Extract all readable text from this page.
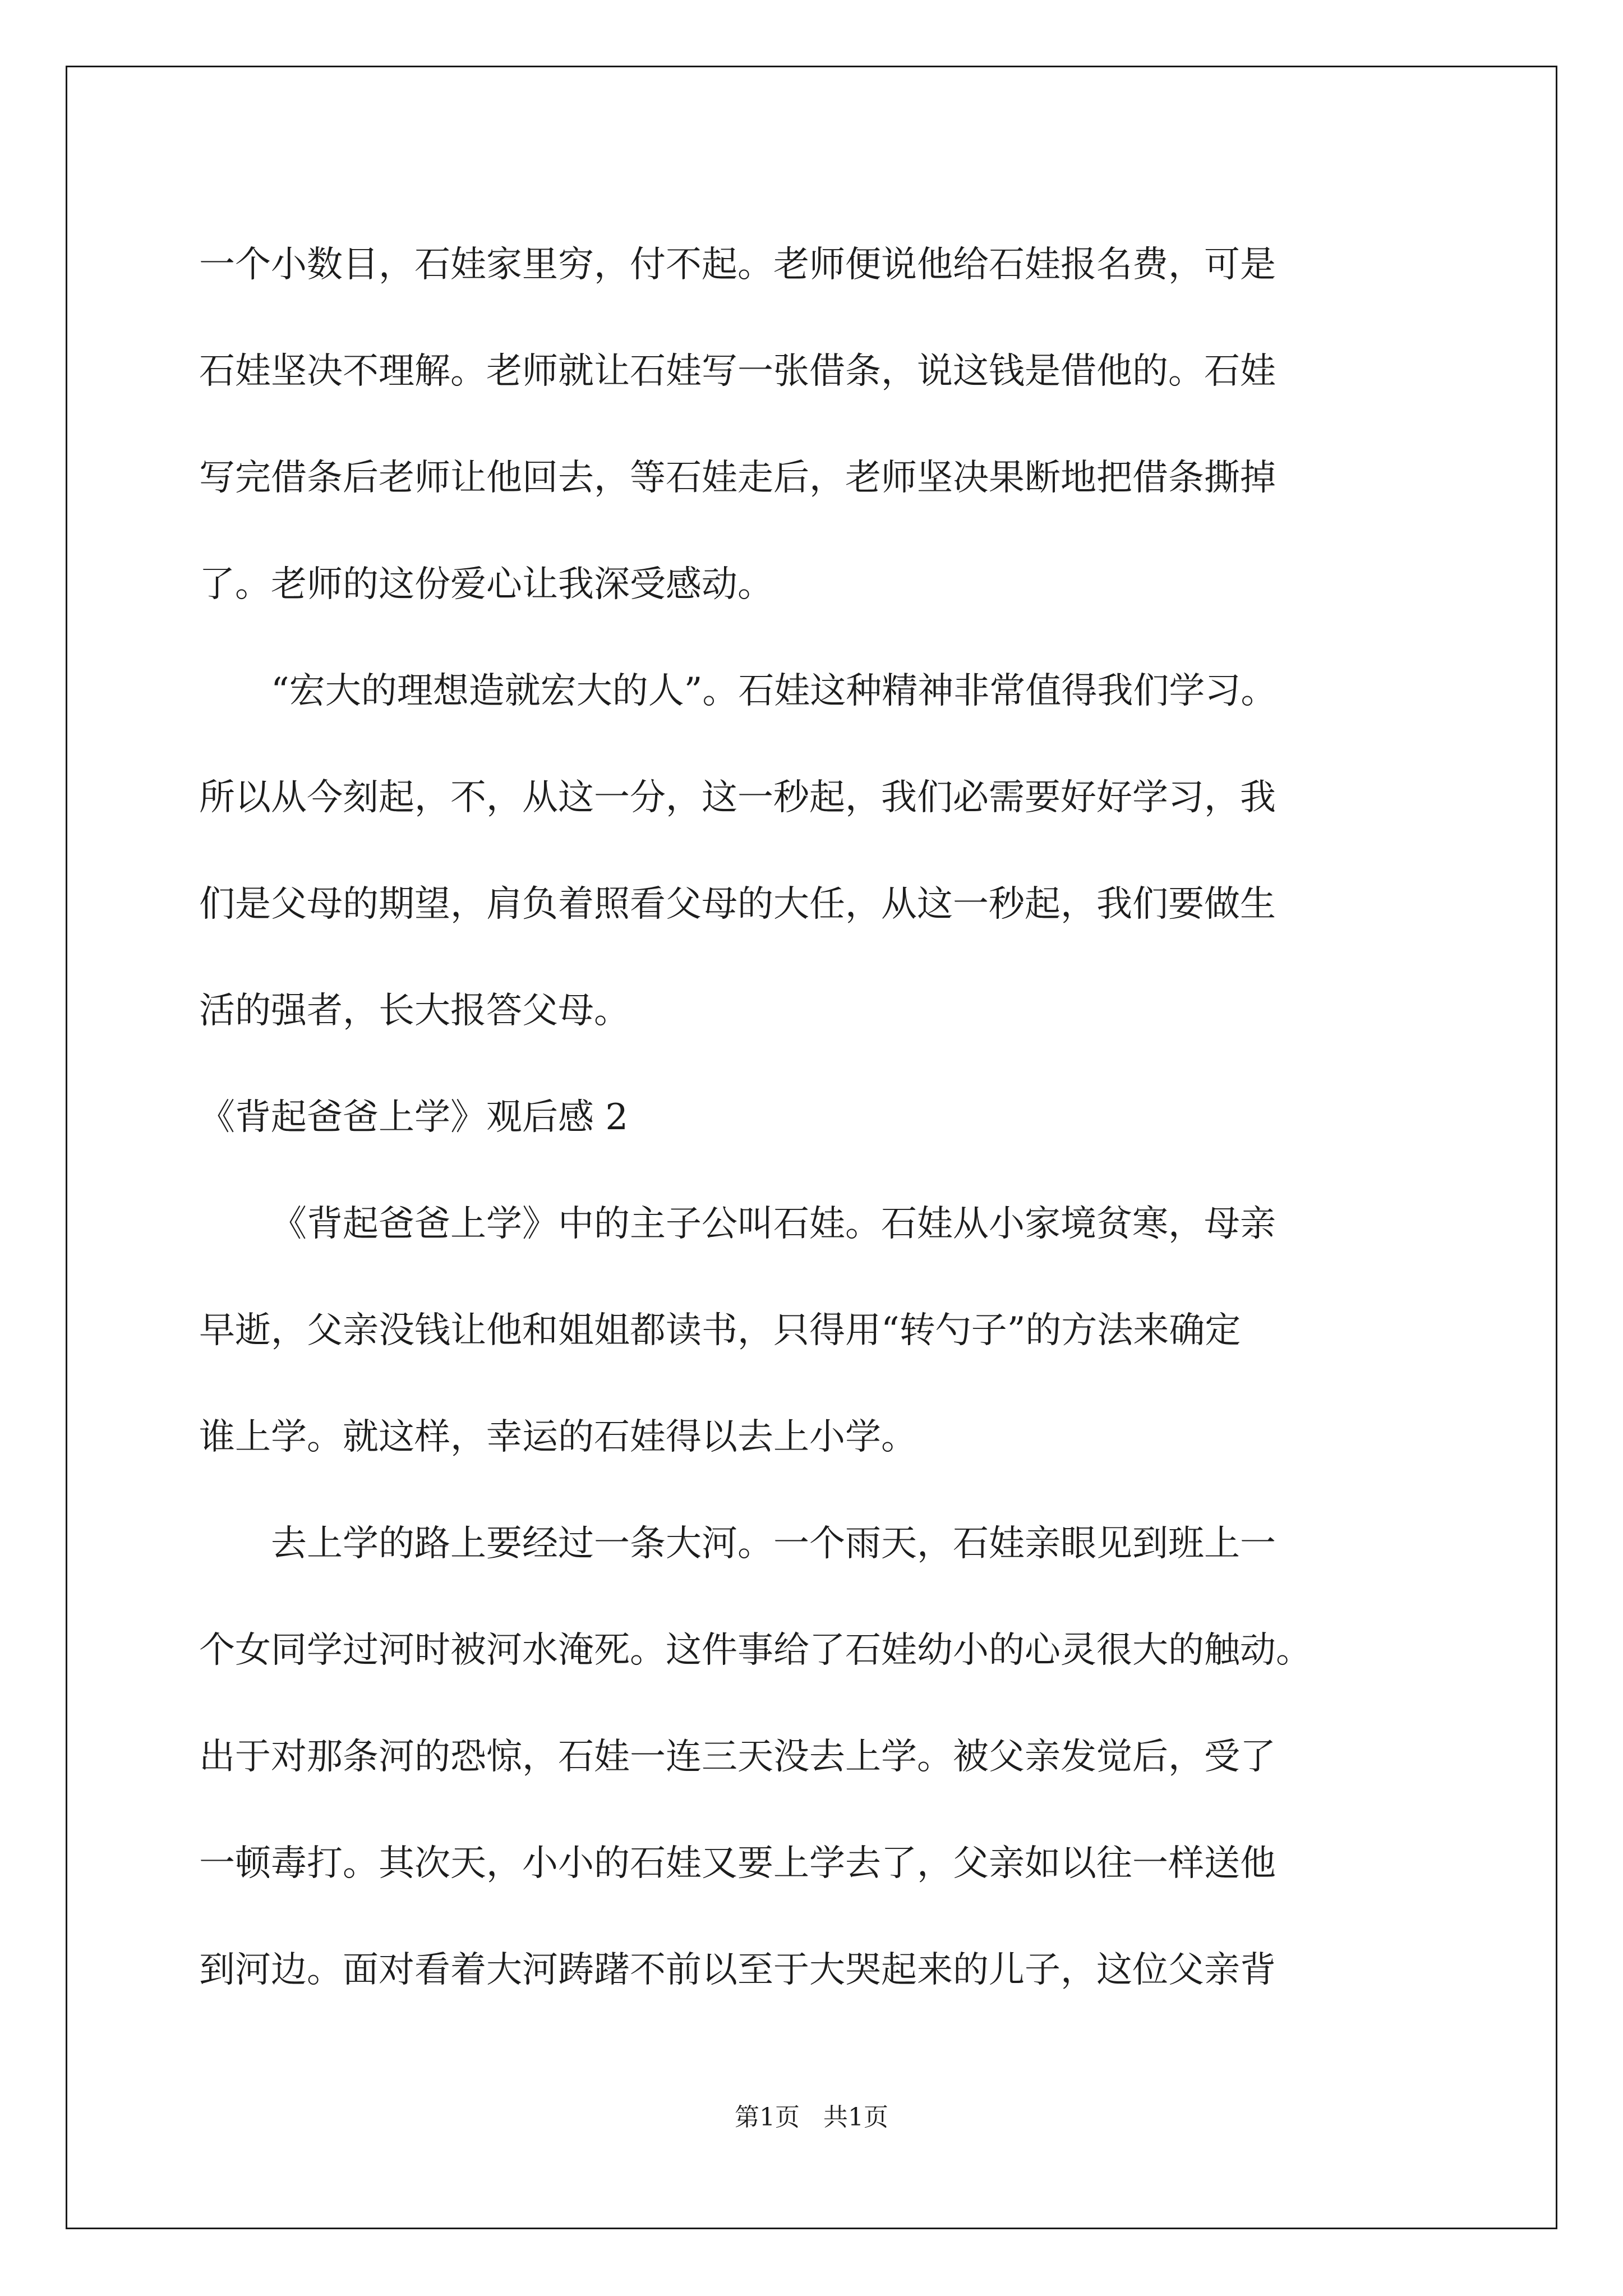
一个小数目，石娃家里穷，付不起。老师便说他给石娃报名费，可是
石娃坚决不理解。老师就让石娃写一张借条，说这钱是借他的。石娃
写完借条后老师让他回去，等石娃走后，老师坚决果断地把借条撕掉
了。老师的这份爱心让我深受感动。
“宏大的理想造就宏大的人”。石娃这种精神非常值得我们学习。
所以从今刻起，不，从这一分，这一秒起，我们必需要好好学习，我
们是父母的期望，肩负着照看父母的大任，从这一秒起，我们要做生
活的强者，长大报答父母。
《背起爸爸上学》观后感 2
《背起爸爸上学》中的主子公叫石娃。石娃从小家境贫寒，母亲
早逝，父亲没钱让他和姐姐都读书，只得用“转勺子”的方法来确定
谁上学。就这样，幸运的石娃得以去上小学。
去上学的路上要经过一条大河。一个雨天，石娃亲眼见到班上一
个女同学过河时被河水淹死。这件事给了石娃幼小的心灵很大的触动。
出于对那条河的恐惊，石娃一连三天没去上学。被父亲发觉后，受了
一顿毒打。其次天，小小的石娃又要上学去了，父亲如以往一样送他
到河边。面对看着大河踌躇不前以至于大哭起来的儿子，这位父亲背
第1页   共1页
